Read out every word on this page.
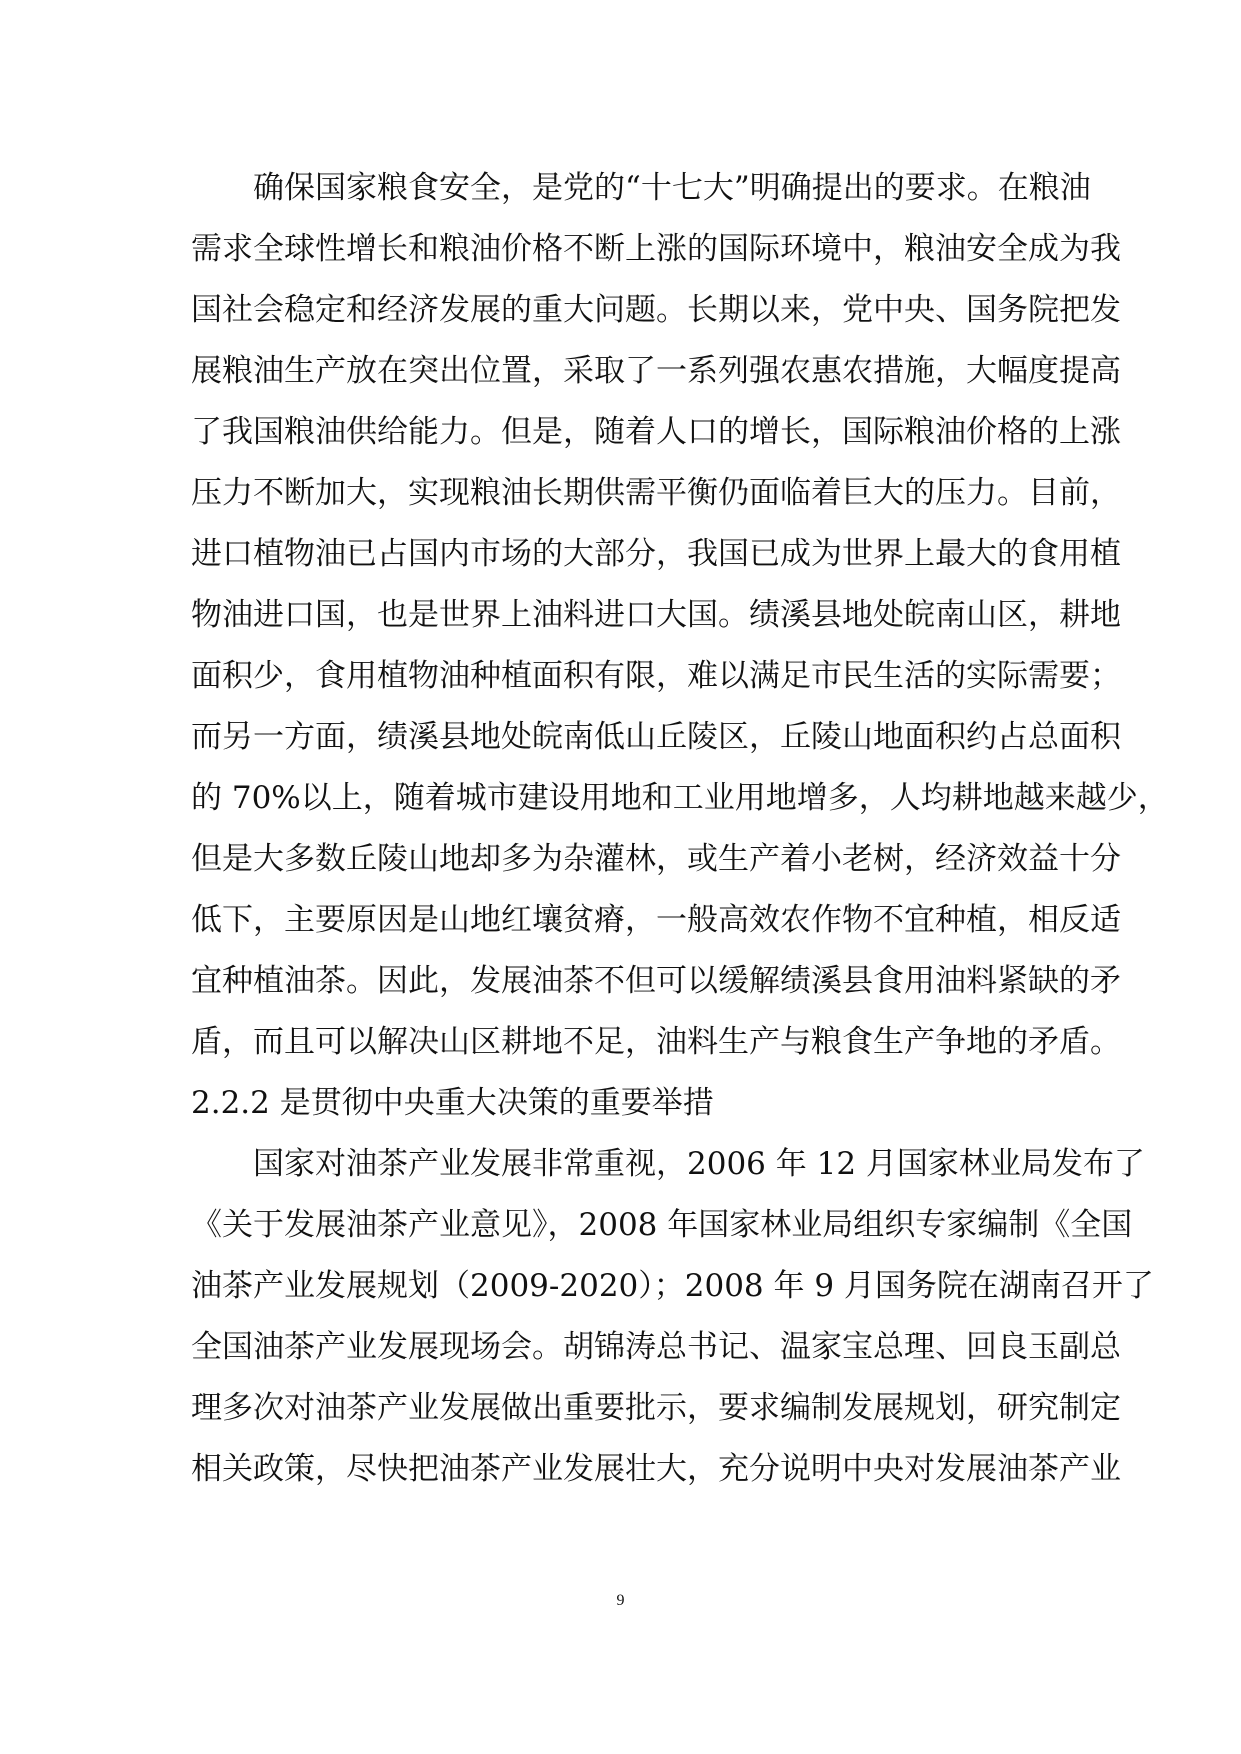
确保国家粮食安全，是党的“十七大”明确提出的要求。在粮油
需求全球性增长和粮油价格不断上涨的国际环境中，粮油安全成为我
国社会稳定和经济发展的重大问题。长期以来，党中央、国务院把发
展粮油生产放在突出位置，采取了一系列强农惠农措施，大幅度提高
了我国粮油供给能力。但是，随着人口的增长，国际粮油价格的上涨
压力不断加大，实现粮油长期供需平衡仍面临着巨大的压力。目前，
进口植物油已占国内市场的大部分，我国已成为世界上最大的食用植
物油进口国，也是世界上油料进口大国。绩溪县地处皖南山区，耕地
面积少，食用植物油种植面积有限，难以满足市民生活的实际需要；
而另一方面，绩溪县地处皖南低山丘陵区，丘陵山地面积约占总面积
的 70%以上，随着城市建设用地和工业用地增多，人均耕地越来越少，
但是大多数丘陵山地却多为杂灌林，或生产着小老树，经济效益十分
低下，主要原因是山地红壤贫瘠，一般高效农作物不宜种植，相反适
宜种植油茶。因此，发展油茶不但可以缓解绩溪县食用油料紧缺的矛
盾，而且可以解决山区耕地不足，油料生产与粮食生产争地的矛盾。
2.2.2 是贯彻中央重大决策的重要举措
国家对油茶产业发展非常重视，2006 年 12 月国家林业局发布了
《关于发展油茶产业意见》，2008 年国家林业局组织专家编制《全国
油茶产业发展规划（2009-2020）；2008 年 9 月国务院在湖南召开了
全国油茶产业发展现场会。胡锦涛总书记、温家宝总理、回良玉副总
理多次对油茶产业发展做出重要批示，要求编制发展规划，研究制定
相关政策，尽快把油茶产业发展壮大，充分说明中央对发展油茶产业
9
